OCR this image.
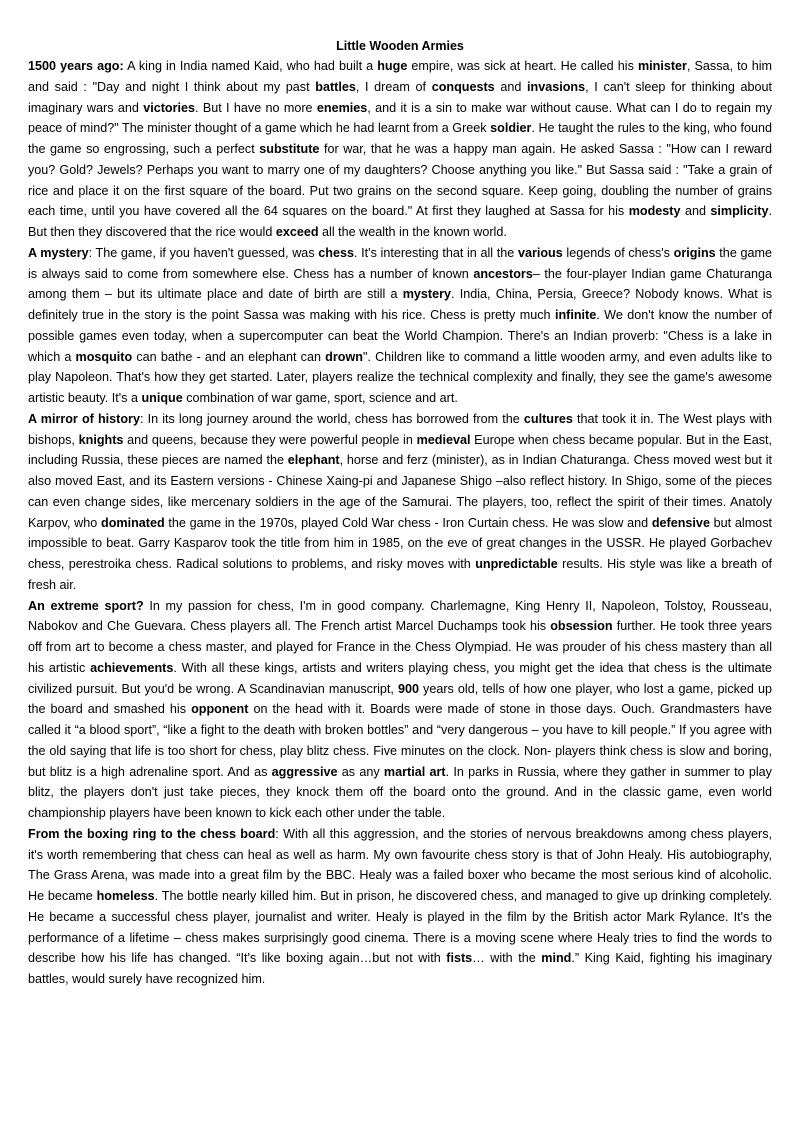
Little Wooden Armies

1500 years ago: A king in India named Kaid, who had built a huge empire, was sick at heart. He called his minister, Sassa, to him and said : "Day and night I think about my past battles, I dream of conquests and invasions, I can't sleep for thinking about imaginary wars and victories. But I have no more enemies, and it is a sin to make war without cause. What can I do to regain my peace of mind?" The minister thought of a game which he had learnt from a Greek soldier. He taught the rules to the king, who found the game so engrossing, such a perfect substitute for war, that he was a happy man again. He asked Sassa : "How can I reward you? Gold? Jewels? Perhaps you want to marry one of my daughters? Choose anything you like." But Sassa said : "Take a grain of rice and place it on the first square of the board. Put two grains on the second square. Keep going, doubling the number of grains each time, until you have covered all the 64 squares on the board." At first they laughed at Sassa for his modesty and simplicity. But then they discovered that the rice would exceed all the wealth in the known world.

A mystery: The game, if you haven't guessed, was chess. It's interesting that in all the various legends of chess's origins the game is always said to come from somewhere else. Chess has a number of known ancestors– the four-player Indian game Chaturanga among them – but its ultimate place and date of birth are still a mystery. India, China, Persia, Greece? Nobody knows. What is definitely true in the story is the point Sassa was making with his rice. Chess is pretty much infinite. We don't know the number of possible games even today, when a supercomputer can beat the World Champion. There's an Indian proverb: "Chess is a lake in which a mosquito can bathe - and an elephant can drown". Children like to command a little wooden army, and even adults like to play Napoleon. That's how they get started. Later, players realize the technical complexity and finally, they see the game's awesome artistic beauty. It's a unique combination of war game, sport, science and art.

A mirror of history: In its long journey around the world, chess has borrowed from the cultures that took it in. The West plays with bishops, knights and queens, because they were powerful people in medieval Europe when chess became popular. But in the East, including Russia, these pieces are named the elephant, horse and ferz (minister), as in Indian Chaturanga. Chess moved west but it also moved East, and its Eastern versions - Chinese Xaing-pi and Japanese Shigo –also reflect history. In Shigo, some of the pieces can even change sides, like mercenary soldiers in the age of the Samurai. The players, too, reflect the spirit of their times. Anatoly Karpov, who dominated the game in the 1970s, played Cold War chess - Iron Curtain chess. He was slow and defensive but almost impossible to beat. Garry Kasparov took the title from him in 1985, on the eve of great changes in the USSR. He played Gorbachev chess, perestroika chess. Radical solutions to problems, and risky moves with unpredictable results. His style was like a breath of fresh air.

An extreme sport? In my passion for chess, I'm in good company. Charlemagne, King Henry II, Napoleon, Tolstoy, Rousseau, Nabokov and Che Guevara. Chess players all. The French artist Marcel Duchamps took his obsession further. He took three years off from art to become a chess master, and played for France in the Chess Olympiad. He was prouder of his chess mastery than all his artistic achievements. With all these kings, artists and writers playing chess, you might get the idea that chess is the ultimate civilized pursuit. But you'd be wrong. A Scandinavian manuscript, 900 years old, tells of how one player, who lost a game, picked up the board and smashed his opponent on the head with it. Boards were made of stone in those days. Ouch. Grandmasters have called it “a blood sport”, “like a fight to the death with broken bottles” and “very dangerous – you have to kill people.” If you agree with the old saying that life is too short for chess, play blitz chess. Five minutes on the clock. Non- players think chess is slow and boring, but blitz is a high adrenaline sport. And as aggressive as any martial art. In parks in Russia, where they gather in summer to play blitz, the players don't just take pieces, they knock them off the board onto the ground. And in the classic game, even world championship players have been known to kick each other under the table.

From the boxing ring to the chess board: With all this aggression, and the stories of nervous breakdowns among chess players, it's worth remembering that chess can heal as well as harm. My own favourite chess story is that of John Healy. His autobiography, The Grass Arena, was made into a great film by the BBC. Healy was a failed boxer who became the most serious kind of alcoholic. He became homeless. The bottle nearly killed him. But in prison, he discovered chess, and managed to give up drinking completely. He became a successful chess player, journalist and writer. Healy is played in the film by the British actor Mark Rylance. It's the performance of a lifetime – chess makes surprisingly good cinema. There is a moving scene where Healy tries to find the words to describe how his life has changed. “It's like boxing again…but not with fists… with the mind.” King Kaid, fighting his imaginary battles, would surely have recognized him.
